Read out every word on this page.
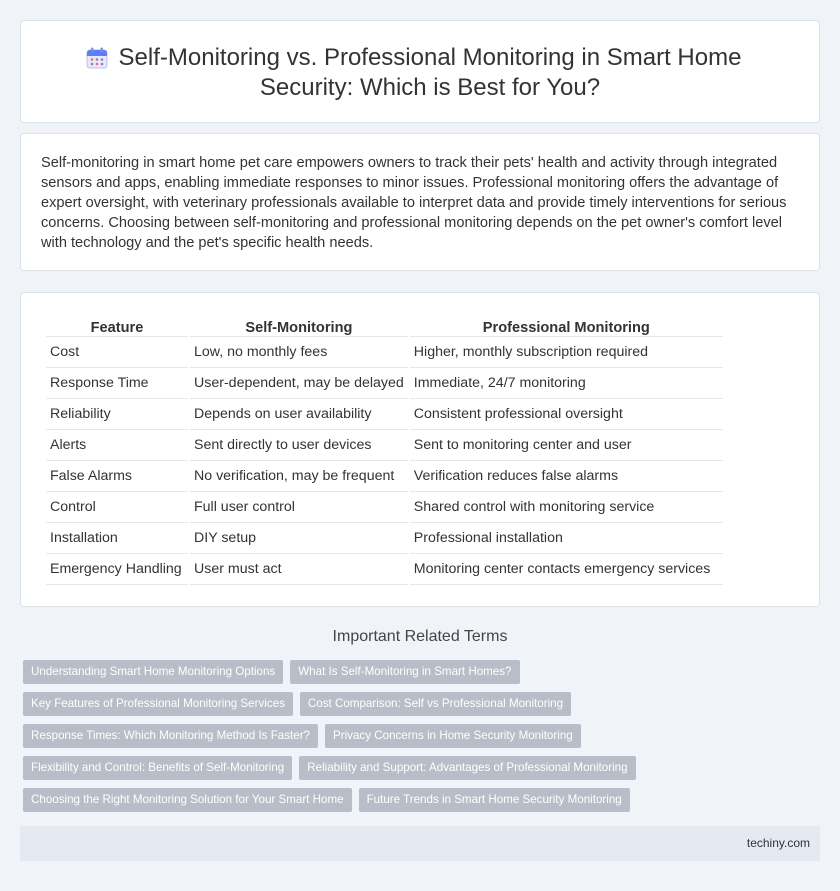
Self-Monitoring vs. Professional Monitoring in Smart Home Security: Which is Best for You?

Self-monitoring in smart home pet care empowers owners to track their pets' health and activity through integrated sensors and apps, enabling immediate responses to minor issues. Professional monitoring offers the advantage of expert oversight, with veterinary professionals available to interpret data and provide timely interventions for serious concerns. Choosing between self-monitoring and professional monitoring depends on the pet owner's comfort level with technology and the pet's specific health needs.

Feature	Self-Monitoring	Professional Monitoring
Cost	Low, no monthly fees	Higher, monthly subscription required
Response Time	User-dependent, may be delayed	Immediate, 24/7 monitoring
Reliability	Depends on user availability	Consistent professional oversight
Alerts	Sent directly to user devices	Sent to monitoring center and user
False Alarms	No verification, may be frequent	Verification reduces false alarms
Control	Full user control	Shared control with monitoring service
Installation	DIY setup	Professional installation
Emergency Handling	User must act	Monitoring center contacts emergency services
Important Related Terms
Understanding Smart Home Monitoring Options	What Is Self-Monitoring in Smart Homes?
Key Features of Professional Monitoring Services	Cost Comparison: Self vs Professional Monitoring
Response Times: Which Monitoring Method Is Faster?	Privacy Concerns in Home Security Monitoring
Flexibility and Control: Benefits of Self-Monitoring	Reliability and Support: Advantages of Professional Monitoring
Choosing the Right Monitoring Solution for Your Smart Home	Future Trends in Smart Home Security Monitoring
techiny.com
